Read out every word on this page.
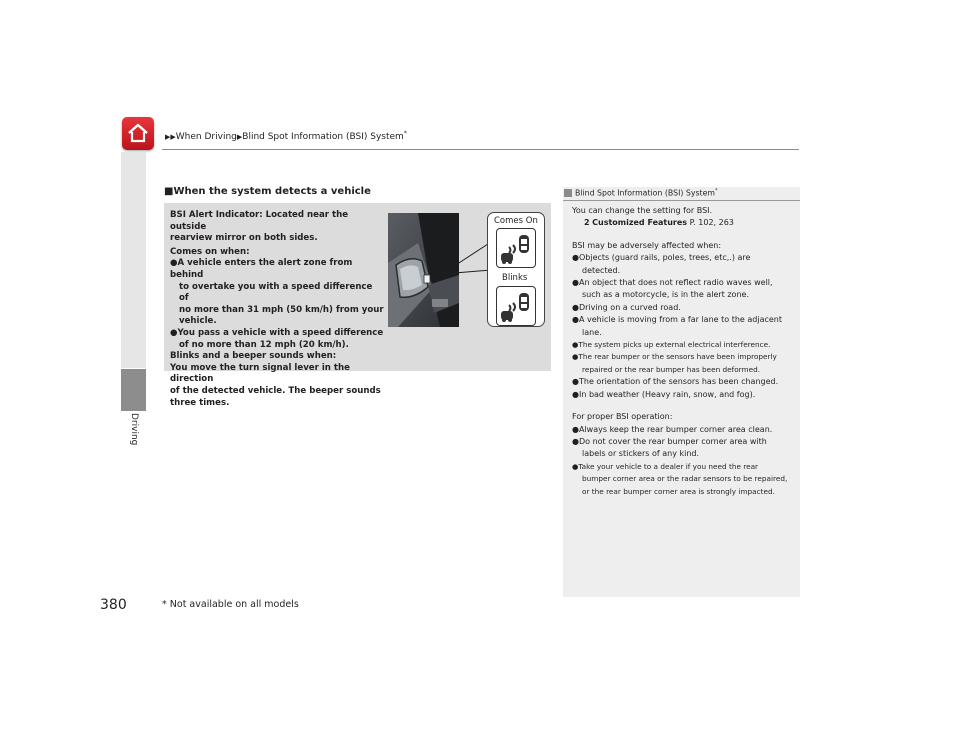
▶▶When Driving▶Blind Spot Information (BSI) System*
Driving
■When the system detects a vehicle

BSI Alert Indicator: Located near the outside

rearview mirror on both sides.

Comes on when:

●A vehicle enters the alert zone from behind

to overtake you with a speed difference of

no more than 31 mph (50 km/h) from your

vehicle.

●You pass a vehicle with a speed difference

of no more than 12 mph (20 km/h).

Blinks and a beeper sounds when:

You move the turn signal lever in the direction

of the detected vehicle. The beeper sounds

three times.

Comes On
Blinks
Blind Spot Information (BSI) System*

You can change the setting for BSI.

2 Customized Features P. 102, 263

BSI may be adversely affected when:

●Objects (guard rails, poles, trees, etc,.) are

detected.

●An object that does not reflect radio waves well,

such as a motorcycle, is in the alert zone.

●Driving on a curved road.

●A vehicle is moving from a far lane to the adjacent

lane.

●The system picks up external electrical interference.

●The rear bumper or the sensors have been improperly

repaired or the rear bumper has been deformed.

●The orientation of the sensors has been changed.

●In bad weather (Heavy rain, snow, and fog).

For proper BSI operation:

●Always keep the rear bumper corner area clean.

●Do not cover the rear bumper corner area with

labels or stickers of any kind.

●Take your vehicle to a dealer if you need the rear

bumper corner area or the radar sensors to be repaired,

or the rear bumper corner area is strongly impacted.

380	* Not available on all models
